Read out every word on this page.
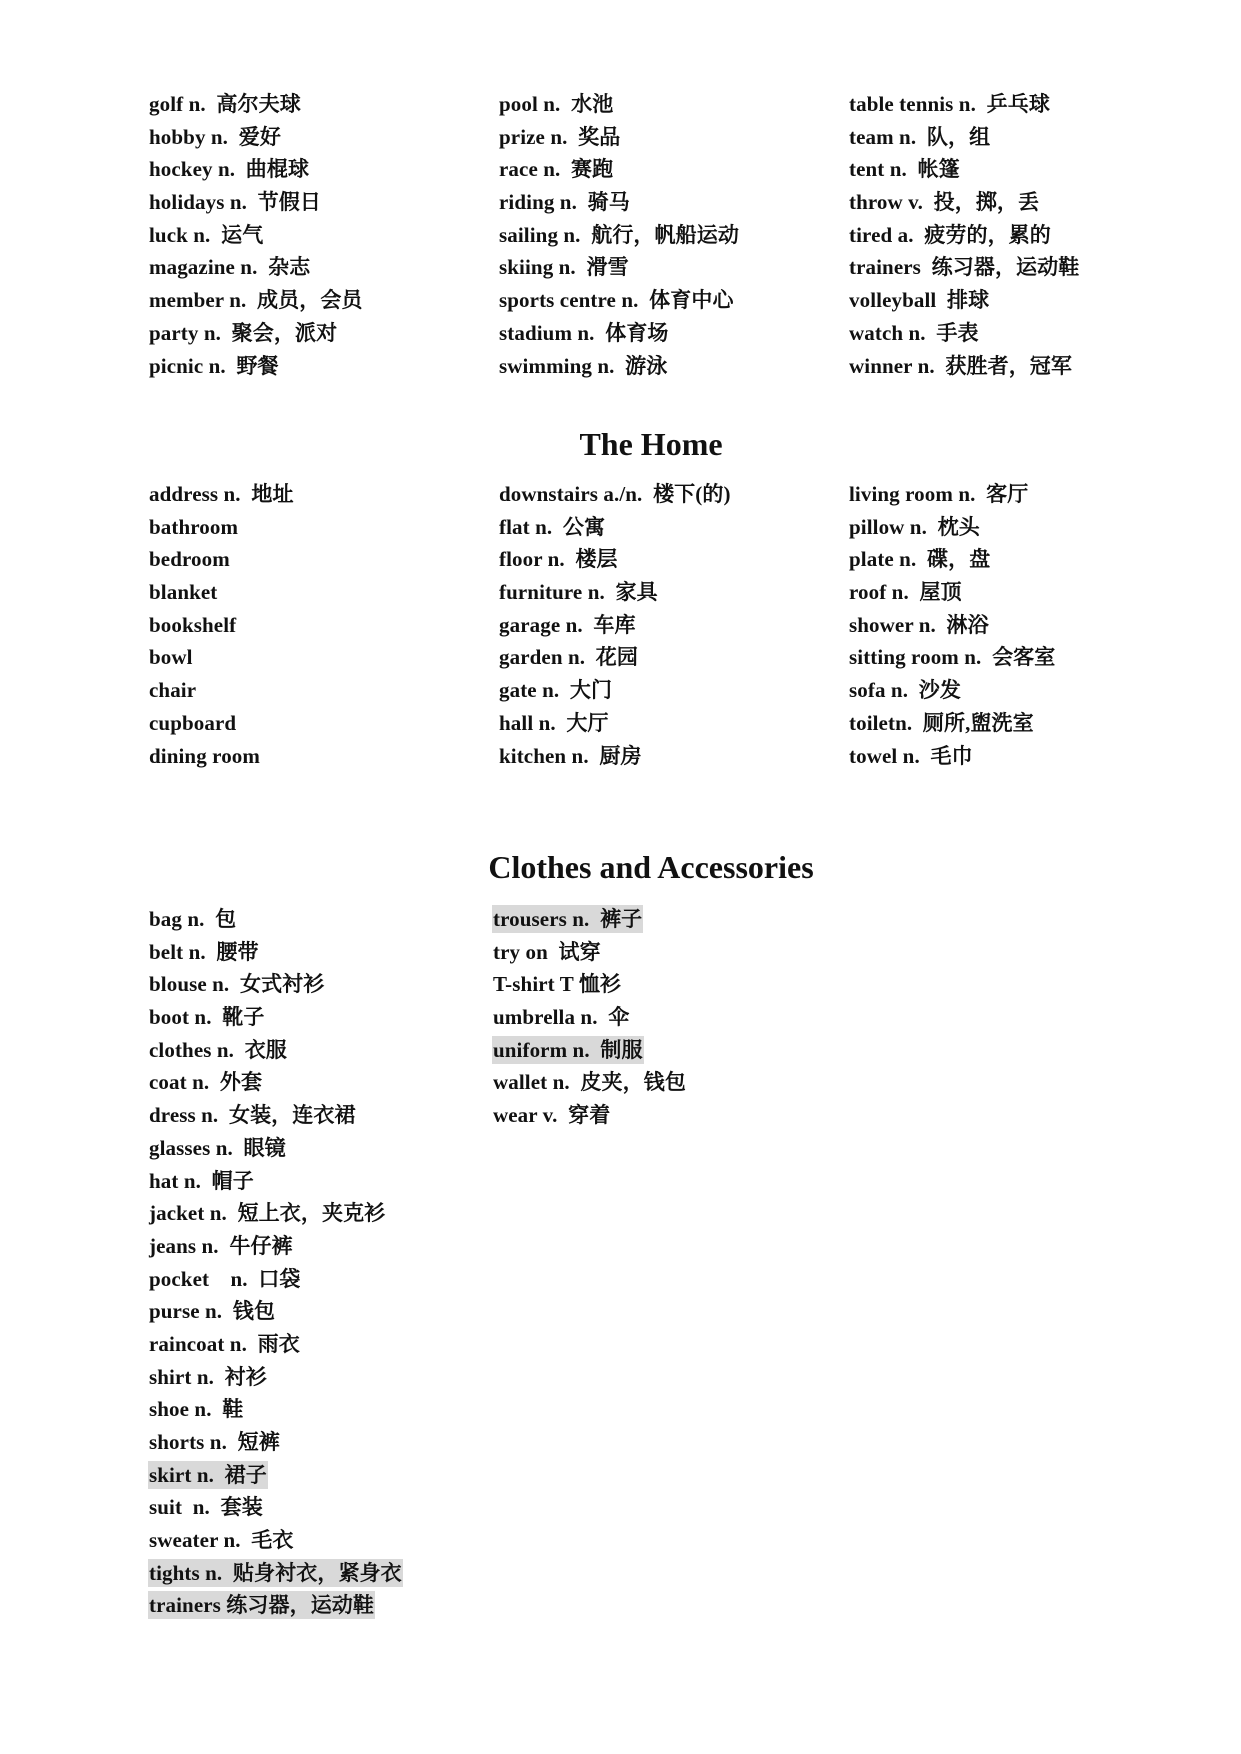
golf n.  高尔夫球
hobby n.  爱好
hockey n.  曲棍球
holidays n.  节假日
luck n.  运气
magazine n.  杂志
member n.  成员，会员
party n.  聚会，派对
picnic n.  野餐
pool n.  水池
prize n.  奖品
race n.  赛跑
riding n.  骑马
sailing n.  航行，帆船运动
skiing n.  滑雪
sports centre n.  体育中心
stadium n.  体育场
swimming n.  游泳
table tennis n.  乒乓球
team n.  队，组
tent n.  帐篷
throw v.  投，掷，丢
tired a.  疲劳的，累的
trainers  练习器，运动鞋
volleyball  排球
watch n.  手表
winner n.  获胜者，冠军
The Home
address n.  地址
bathroom
bedroom
blanket
bookshelf
bowl
chair
cupboard
dining room
downstairs a./n.  楼下(的)
flat n.  公寓
floor n.  楼层
furniture n.  家具
garage n.  车库
garden n.  花园
gate n.  大门
hall n.  大厅
kitchen n.  厨房
living room n.  客厅
pillow n.  枕头
plate n.  碟，盘
roof n.  屋顶
shower n.  淋浴
sitting room n.  会客室
sofa n.  沙发
toiletn.  厕所,盥洗室
towel n.  毛巾
Clothes and Accessories
bag n.  包
belt n.  腰带
blouse n.  女式衬衫
boot n.  靴子
clothes n.  衣服
coat n.  外套
dress n.  女装，连衣裙
glasses n.  眼镜
hat n.  帽子
jacket n.  短上衣，夹克衫
jeans n.  牛仔裤
pocket    n.  口袋
purse n.  钱包
raincoat n.  雨衣
shirt n.  衬衫
shoe n.  鞋
shorts n.  短裤
skirt n.  裙子
suit  n.  套装
sweater n.  毛衣
tights n.  贴身衬衣，紧身衣
trainers 练习器，运动鞋
trousers n.  裤子
try on  试穿
T-shirt T 恤衫
umbrella n.  伞
uniform n.  制服
wallet n.  皮夹，钱包
wear v.  穿着
